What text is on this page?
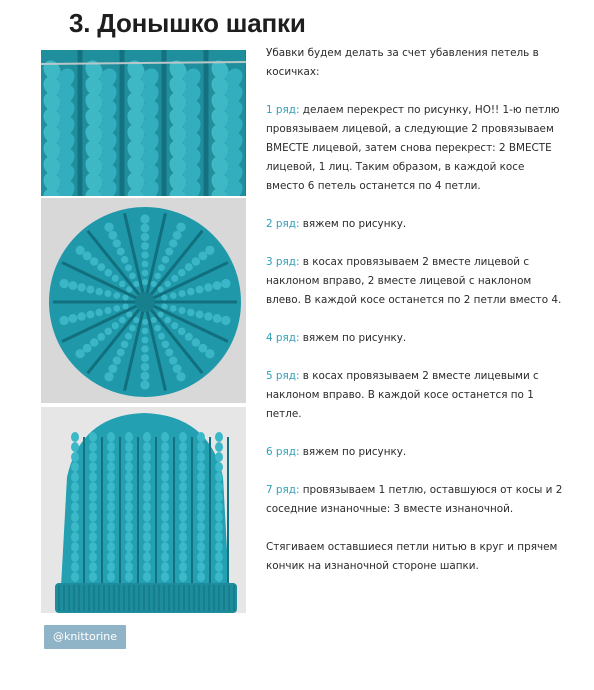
3. Донышко шапки
@knittorine

Убавки будем делать за счет убавления петель в косичках:

1 ряд: делаем перекрест по рисунку, НО!! 1-ю петлю провязываем лицевой, а следующие 2 провязываем ВМЕСТЕ лицевой, затем снова перекрест: 2 ВМЕСТЕ лицевой, 1 лиц. Таким образом, в каждой косе вместо 6 петель останется по 4 петли.

2 ряд: вяжем по рисунку.

3 ряд: в косах провязываем 2 вместе лицевой с наклоном вправо, 2 вместе лицевой с наклоном влево. В каждой косе останется по 2 петли вместо 4.

4 ряд: вяжем по рисунку.

5 ряд: в косах провязываем 2 вместе лицевыми с наклоном вправо. В каждой косе останется по 1 петле.

6 ряд: вяжем по рисунку.

7 ряд: провязываем 1 петлю, оставшуюся от косы и 2 соседние изнаночные: 3 вместе изнаночной.

Стягиваем оставшиеся петли нитью в круг и прячем кончик на изнаночной стороне шапки.
